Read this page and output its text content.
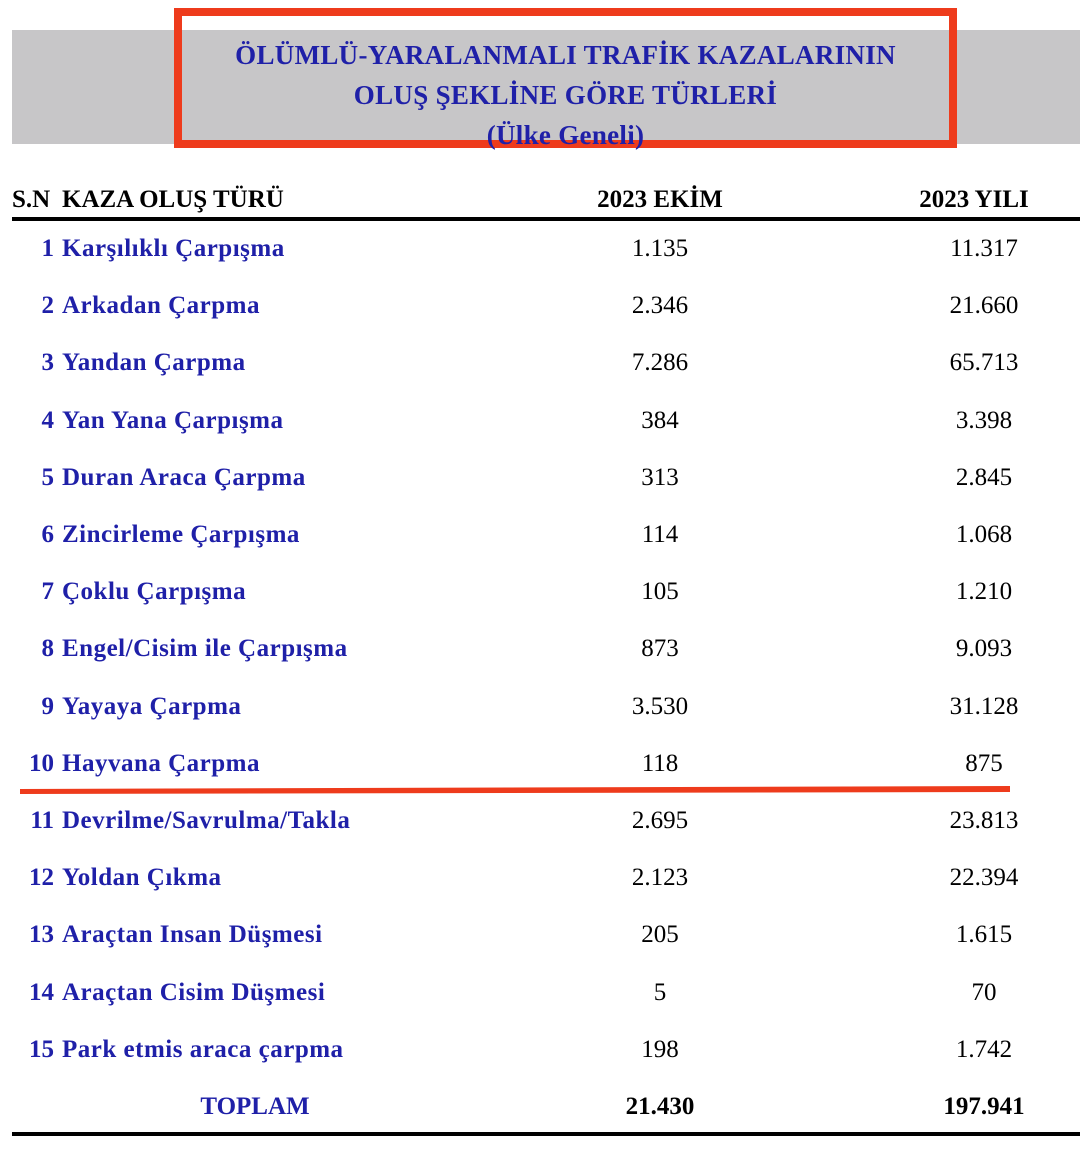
ÖLÜMLÜ-YARALANMALI TRAFİK KAZALARININ
OLUŞ ŞEKLİNE GÖRE TÜRLERİ
(Ülke Geneli)
S.N KAZA OLUŞ TÜRÜ	2023 EKİM	2023 YILI
1 Karşılıklı Çarpışma	1.135	11.317
2 Arkadan Çarpma	2.346	21.660
3 Yandan Çarpma	7.286	65.713
4 Yan Yana Çarpışma	384	3.398
5 Duran Araca Çarpma	313	2.845
6 Zincirleme Çarpışma	114	1.068
7 Çoklu Çarpışma	105	1.210
8 Engel/Cisim ile Çarpışma	873	9.093
9 Yayaya Çarpma	3.530	31.128
10 Hayvana Çarpma	118	875
11 Devrilme/Savrulma/Takla	2.695	23.813
12 Yoldan Çıkma	2.123	22.394
13 Araçtan Insan Düşmesi	205	1.615
14 Araçtan Cisim Düşmesi	5	70
15 Park etmis araca çarpma	198	1.742
TOPLAM	21.430	197.941
